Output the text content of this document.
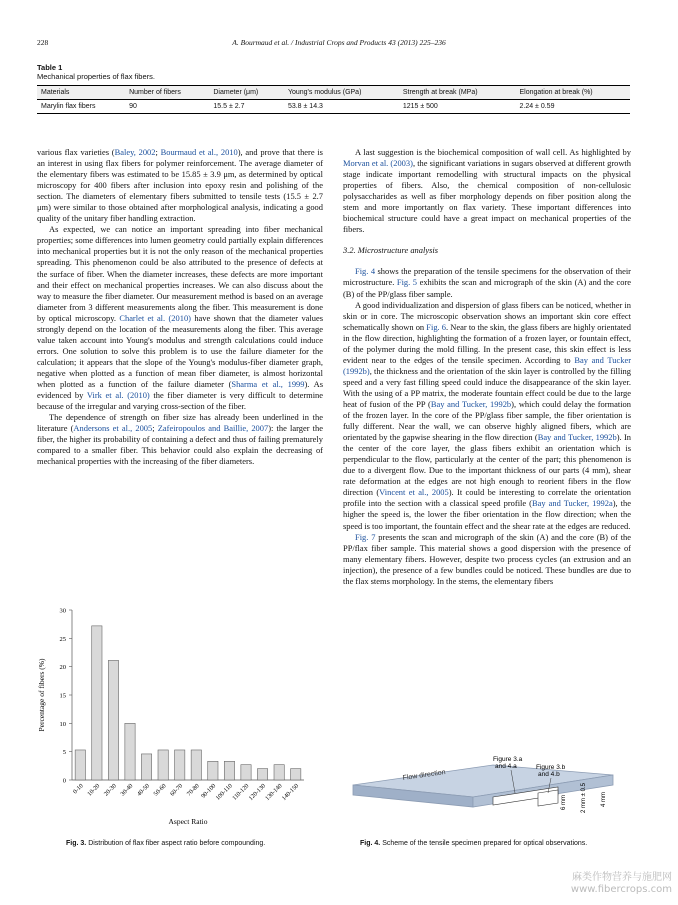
228	A. Bourmaud et al. / Industrial Crops and Products 43 (2013) 225–236
Table 1
Mechanical properties of flax fibers.
Materials	Number of fibers	Diameter (μm)	Young's modulus (GPa)	Strength at break (MPa)	Elongation at break (%)
Marylin flax fibers	90	15.5 ± 2.7	53.8 ± 14.3	1215 ± 500	2.24 ± 0.59

various flax varieties (Baley, 2002; Bourmaud et al., 2010), and prove that there is an interest in using flax fibers for polymer reinforcement. The average diameter of the elementary fibers was estimated to be 15.85 ± 3.9 μm, as determined by optical microscopy for 400 fibers after inclusion into epoxy resin and polishing of the section. The diameters of elementary fibers submitted to tensile tests (15.5 ± 2.7 μm) were similar to those obtained after morphological analysis, indicating a good quality of the unitary fiber handling extraction.

As expected, we can notice an important spreading into fiber mechanical properties; some differences into lumen geometry could partially explain differences into mechanical properties but it is not the only reason of the mechanical properties spreading. This phenomenon could be also attributed to the presence of defects at the surface of fiber. When the diameter increases, these defects are more important and their effect on mechanical properties increases. We can also discuss about the way to measure the fiber diameter. Our measurement method is based on an average diameter from 3 different measurements along the fiber. This measurement is done by optical microscopy. Charlet et al. (2010) have shown that the diameter values strongly depend on the location of the measurements along the fiber. This average value taken account into Young's modulus and strength calculations could induce errors. One solution to solve this problem is to use the failure diameter for the calculation; it appears that the slope of the Young's modulus-fiber diameter graph, negative when plotted as a function of mean fiber diameter, is almost horizontal when plotted as a function of the failure diameter (Sharma et al., 1999). As evidenced by Virk et al. (2010) the fiber diameter is very difficult to determine because of the irregular and varying cross-section of the fiber.

The dependence of strength on fiber size has already been underlined in the literature (Andersons et al., 2005; Zafeiropoulos and Baillie, 2007): the larger the fiber, the higher its probability of containing a defect and thus of failing prematurely compared to a smaller fiber. This behavior could also explain the decreasing of mechanical properties with the increasing of the fiber diameters.

A last suggestion is the biochemical composition of wall cell. As highlighted by Morvan et al. (2003), the significant variations in sugars observed at different growth stage indicate important remodelling with structural impacts on the physical properties of fibers. Also, the chemical composition of non-cellulosic polysaccharides as well as fiber morphology depends on fiber position along the stem and more importantly on flax variety. These important differences into biochemical structure could have a great impact on mechanical properties of the fibers.

3.2. Microstructure analysis

Fig. 4 shows the preparation of the tensile specimens for the observation of their microstructure. Fig. 5 exhibits the scan and micrograph of the skin (A) and the core (B) of the PP/glass fiber sample.

A good individualization and dispersion of glass fibers can be noticed, whether in skin or in core. The microscopic observation shows an important skin core effect schematically shown on Fig. 6. Near to the skin, the glass fibers are highly orientated in the flow direction, highlighting the formation of a frozen layer, or fountain effect, of the polymer during the mold filling. In the present case, this skin effect is less evident near to the edges of the tensile specimen. According to Bay and Tucker (1992b), the thickness and the orientation of the skin layer is controlled by the filling speed and a very fast filling speed could induce the disappearance of the skin layer. With the using of a PP matrix, the moderate fountain effect could be due to the large heat of fusion of the PP (Bay and Tucker, 1992b), which could delay the formation of the frozen layer. In the core of the PP/glass fiber sample, the fiber orientation is fully different. Near the wall, we can observe highly aligned fibers, which are orientated by the gapwise shearing in the flow direction (Bay and Tucker, 1992b). In the center of the core layer, the glass fibers exhibit an orientation which is perpendicular to the flow, particularly at the center of the part; this phenomenon is due to a divergent flow. Due to the important thickness of our parts (4 mm), shear rate deformation at the edges are not high enough to reorient fibers in the flow direction (Vincent et al., 2005). It could be interesting to correlate the orientation profile into the section with a classical speed profile (Bay and Tucker, 1992a), the higher the speed is, the lower the fiber orientation in the flow direction; when the speed is too important, the fountain effect and the shear rate at the edges are reduced.

Fig. 7 presents the scan and micrograph of the skin (A) and the core (B) of the PP/flax fiber sample. This material shows a good dispersion with the presence of many elementary fibers. However, despite two process cycles (an extrusion and an injection), the presence of a few bundles could be noticed. These bundles are due to the flax stems morphology. In the stems, the elementary fibers

0
5
10
15
20
25
30
0-10 10-20 20-30 30-40 40-50 50-60 60-70 70-80 90-100
100-110
110-120
120-130
130-140
140-150
Percentage of fibers (%)
Aspect Ratio
Fig. 3. Distribution of flax fiber aspect ratio before compounding.
Flow direction
Figure 3.a
and 4.a	Figure 3.b
and 4.b
6 mm 2 mm ± 0.5 4 mm
Fig. 4. Scheme of the tensile specimen prepared for optical observations.
麻类作物营养与施肥网
www.fibercrops.com
